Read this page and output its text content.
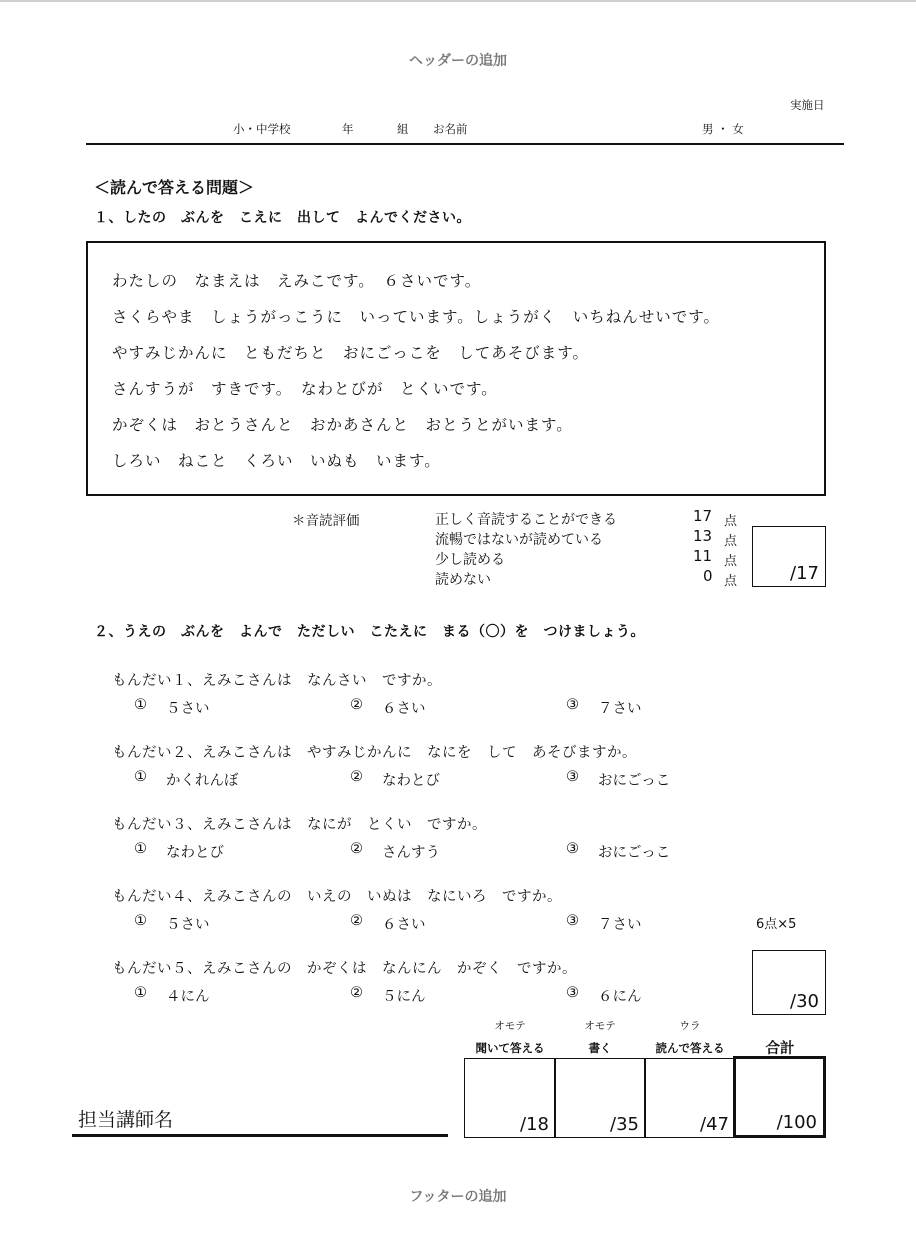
ヘッダーの追加
実施日
小・中学校	年	組 お名前	男 ・ 女
＜読んで答える問題＞
１、したの　ぶんを　こえに　出して　よんでください。
わたしの　なまえは　えみこです。　６さいです。
さくらやま　しょうがっこうに　いっています。しょうがく　いちねんせいです。
やすみじかんに　ともだちと　おにごっこを　してあそびます。
さんすうが　すきです。　なわとびが　とくいです。
かぞくは　おとうさんと　おかあさんと　おとうとがいます。
しろい　ねこと　くろい　いぬも　います。
＊音読評価	正しく音読することができる	17 点
流暢ではないが読めている	13 点
少し読める	11 点
読めない	0 点	/17
２、うえの　ぶんを　よんで　ただしい　こたえに　まる（〇）を　つけましょう。
もんだい１、えみこさんは　なんさい　ですか。
① ５さい	② ６さい	③ ７さい
もんだい２、えみこさんは　やすみじかんに　なにを　して　あそびますか。
① かくれんぼ	② なわとび	③ おにごっこ
もんだい３、えみこさんは　なにが　とくい　ですか。
① なわとび	② さんすう	③ おにごっこ
もんだい４、えみこさんの　いえの　いぬは　なにいろ　ですか。
① ５さい	② ６さい	③ ７さい	6点×5
もんだい５、えみこさんの　かぞくは　なんにん　かぞく　ですか。
① ４にん	② ５にん	③ ６にん	/30
オモテ	オモテ	ウラ
聞いて答える	書く	読んで答える	合計
/18	/35	/47	/100
担当講師名
フッターの追加
